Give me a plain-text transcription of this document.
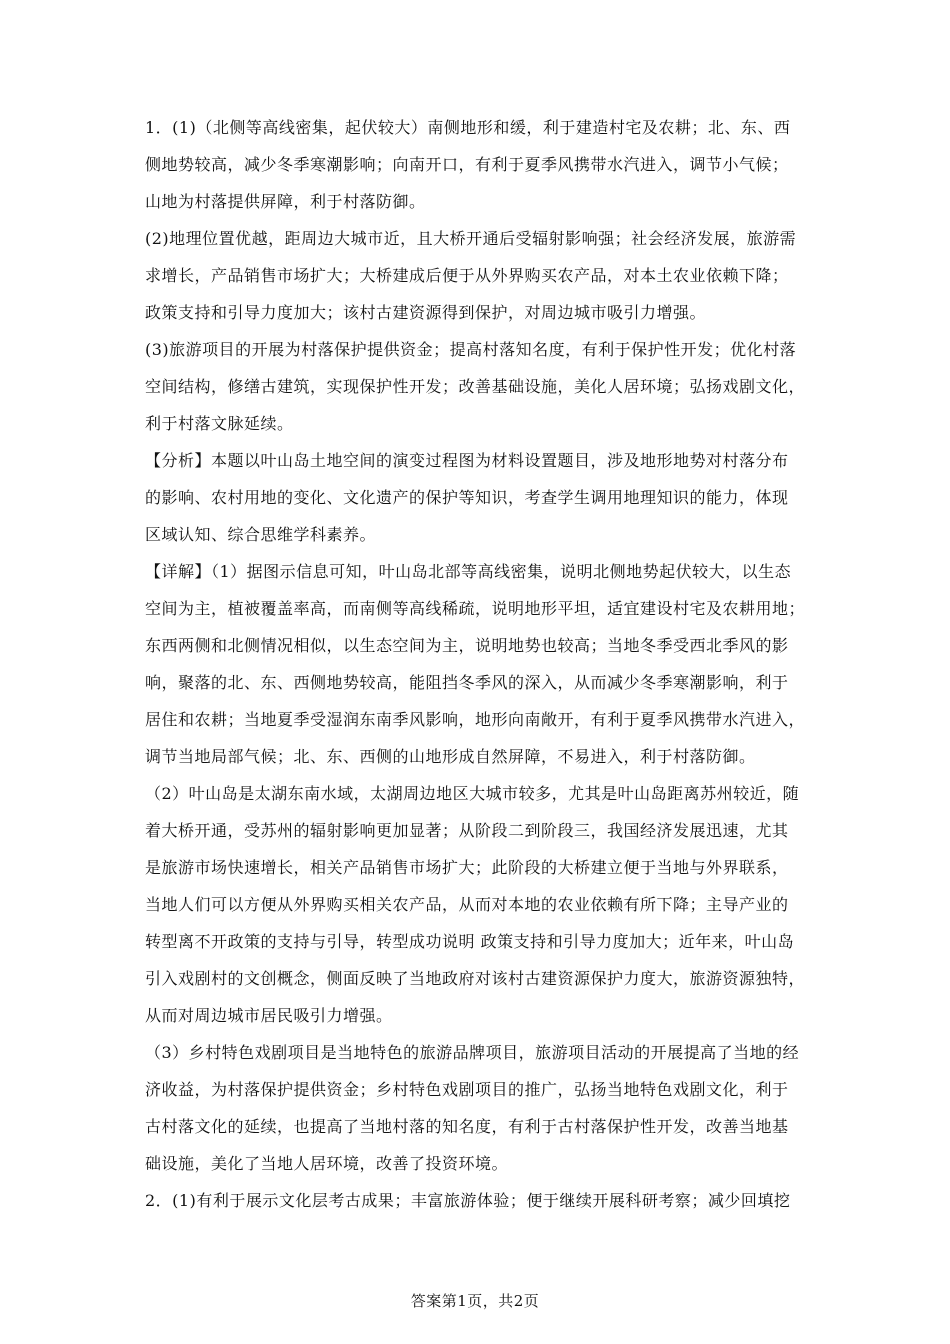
1．(1)（北侧等高线密集，起伏较大）南侧地形和缓，利于建造村宅及农耕；北、东、西
侧地势较高，减少冬季寒潮影响；向南开口，有利于夏季风携带水汽进入，调节小气候；
山地为村落提供屏障，利于村落防御。
(2)地理位置优越，距周边大城市近，且大桥开通后受辐射影响强；社会经济发展，旅游需
求增长，产品销售市场扩大；大桥建成后便于从外界购买农产品，对本土农业依赖下降；
政策支持和引导力度加大；该村古建资源得到保护，对周边城市吸引力增强。
(3)旅游项目的开展为村落保护提供资金；提高村落知名度，有利于保护性开发；优化村落
空间结构，修缮古建筑，实现保护性开发；改善基础设施，美化人居环境；弘扬戏剧文化，
利于村落文脉延续。
【分析】本题以叶山岛土地空间的演变过程图为材料设置题目，涉及地形地势对村落分布
的影响、农村用地的变化、文化遗产的保护等知识，考查学生调用地理知识的能力，体现
区域认知、综合思维学科素养。
【详解】（1）据图示信息可知，叶山岛北部等高线密集，说明北侧地势起伏较大，以生态
空间为主，植被覆盖率高，而南侧等高线稀疏，说明地形平坦，适宜建设村宅及农耕用地；
东西两侧和北侧情况相似，以生态空间为主，说明地势也较高；当地冬季受西北季风的影
响，聚落的北、东、西侧地势较高，能阻挡冬季风的深入，从而减少冬季寒潮影响，利于
居住和农耕；当地夏季受湿润东南季风影响，地形向南敞开，有利于夏季风携带水汽进入，
调节当地局部气候；北、东、西侧的山地形成自然屏障，不易进入，利于村落防御。
（2）叶山岛是太湖东南水域，太湖周边地区大城市较多，尤其是叶山岛距离苏州较近，随
着大桥开通，受苏州的辐射影响更加显著；从阶段二到阶段三，我国经济发展迅速，尤其
是旅游市场快速增长，相关产品销售市场扩大；此阶段的大桥建立便于当地与外界联系，
当地人们可以方便从外界购买相关农产品，从而对本地的农业依赖有所下降；主导产业的
转型离不开政策的支持与引导，转型成功说明 政策支持和引导力度加大；近年来，叶山岛
引入戏剧村的文创概念，侧面反映了当地政府对该村古建资源保护力度大，旅游资源独特，
从而对周边城市居民吸引力增强。
（3）乡村特色戏剧项目是当地特色的旅游品牌项目，旅游项目活动的开展提高了当地的经
济收益，为村落保护提供资金；乡村特色戏剧项目的推广，弘扬当地特色戏剧文化，利于
古村落文化的延续，也提高了当地村落的知名度，有利于古村落保护性开发，改善当地基
础设施，美化了当地人居环境，改善了投资环境。
2．(1)有利于展示文化层考古成果；丰富旅游体验；便于继续开展科研考察；减少回填挖
答案第1页，共2页
